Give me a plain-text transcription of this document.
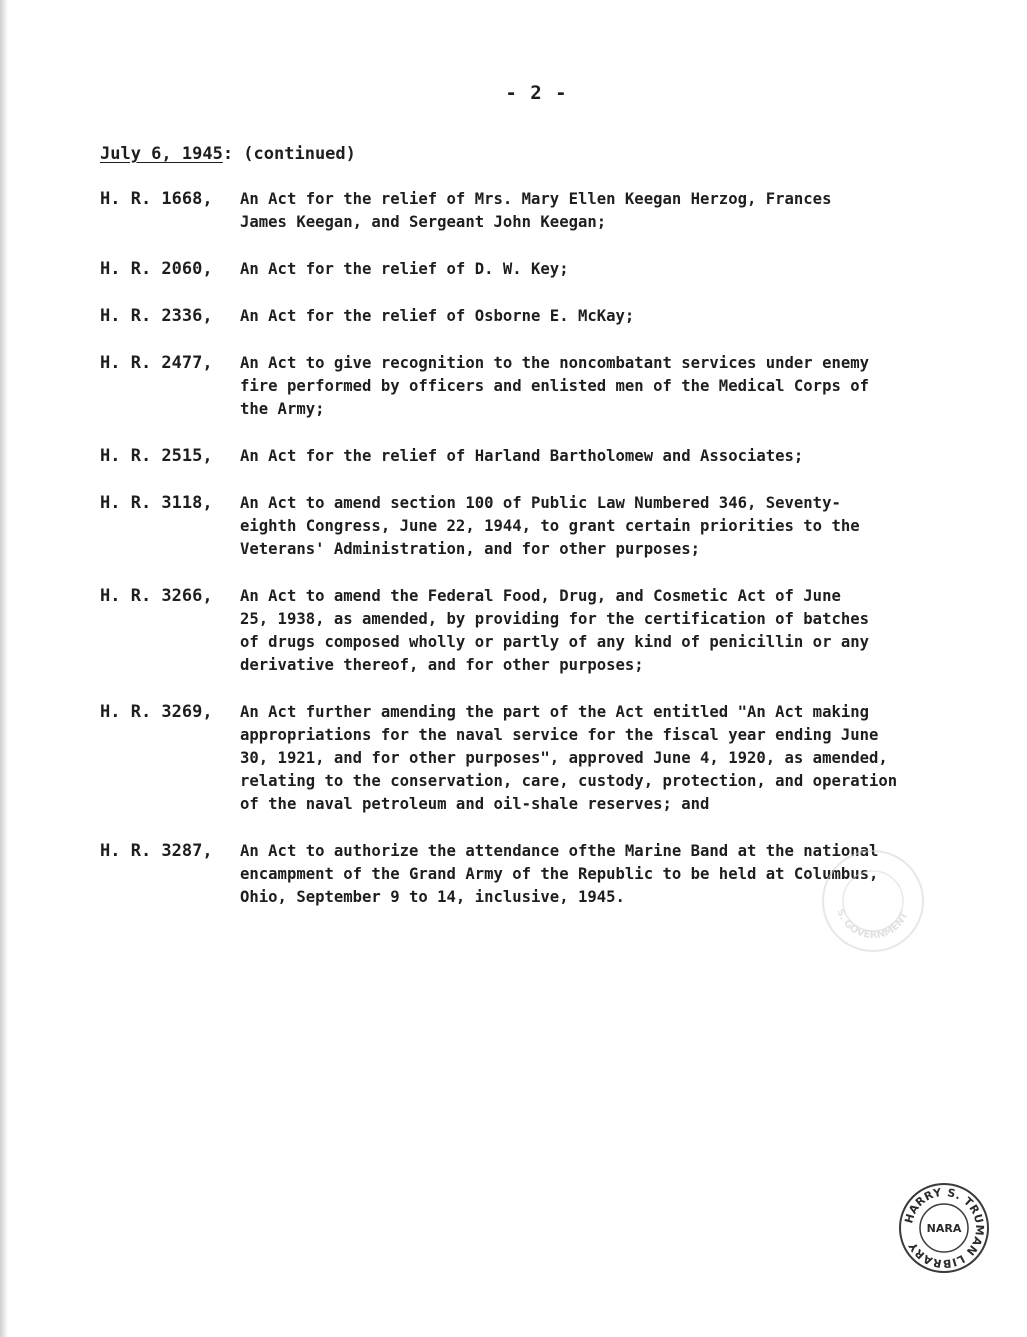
- 2 -
July 6, 1945: (continued)
H. R. 1668,	An Act for the relief of Mrs. Mary Ellen Keegan Herzog, Frances
James Keegan, and Sergeant John Keegan;
H. R. 2060,	An Act for the relief of D. W. Key;
H. R. 2336,	An Act for the relief of Osborne E. McKay;
H. R. 2477,	An Act to give recognition to the noncombatant services under enemy
fire performed by officers and enlisted men of the Medical Corps of
the Army;
H. R. 2515,	An Act for the relief of Harland Bartholomew and Associates;
H. R. 3118,	An Act to amend section 100 of Public Law Numbered 346, Seventy-
eighth Congress, June 22, 1944, to grant certain priorities to the
Veterans' Administration, and for other purposes;
H. R. 3266,	An Act to amend the Federal Food, Drug, and Cosmetic Act of June
25, 1938, as amended, by providing for the certification of batches
of drugs composed wholly or partly of any kind of penicillin or any
derivative thereof, and for other purposes;
H. R. 3269,	An Act further amending the part of the Act entitled "An Act making
appropriations for the naval service for the fiscal year ending June
30, 1921, and for other purposes", approved June 4, 1920, as amended,
relating to the conservation, care, custody, protection, and operation
of the naval petroleum and oil-shale reserves; and
H. R. 3287,	An Act to authorize the attendance ofthe Marine Band at the national
encampment of the Grand Army of the Republic to be held at Columbus,
Ohio, September 9 to 14, inclusive, 1945.
S. GOVERNMENT
HARRY S. TRUMAN LIBRARY
NARA
